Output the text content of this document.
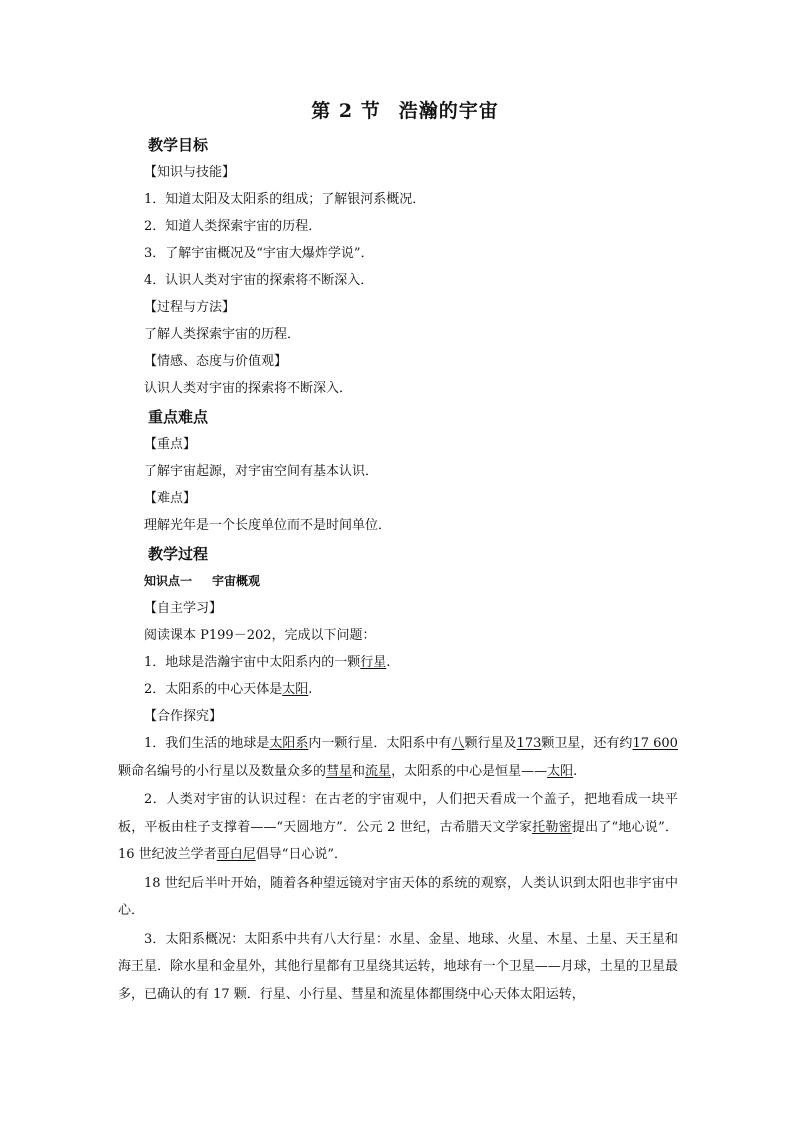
第 2 节 浩瀚的宇宙
教学目标
【知识与技能】
1．知道太阳及太阳系的组成；了解银河系概况．
2．知道人类探索宇宙的历程．
3．了解宇宙概况及“宇宙大爆炸学说”．
4．认识人类对宇宙的探索将不断深入．
【过程与方法】
了解人类探索宇宙的历程．
【情感、态度与价值观】
认识人类对宇宙的探索将不断深入．
重点难点
【重点】
了解宇宙起源，对宇宙空间有基本认识．
【难点】
理解光年是一个长度单位而不是时间单位．
教学过程
知识点一 宇宙概观
【自主学习】
阅读课本 P199－202，完成以下问题：
1．地球是浩瀚宇宙中太阳系内的一颗行星.
2．太阳系的中心天体是太阳.
【合作探究】

1．我们生活的地球是太阳系内一颗行星．太阳系中有八颗行星及173颗卫星，还有约17 600颗命名编号的小行星以及数量众多的彗星和流星，太阳系的中心是恒星——太阳.

2．人类对宇宙的认识过程：在古老的宇宙观中，人们把天看成一个盖子，把地看成一块平板，平板由柱子支撑着——“天圆地方”．公元 2 世纪，古希腊天文学家托勒密提出了“地心说”．16 世纪波兰学者哥白尼倡导“日心说”．

18 世纪后半叶开始，随着各种望远镜对宇宙天体的系统的观察，人类认识到太阳也非宇宙中心．

3．太阳系概况：太阳系中共有八大行星：水星、金星、地球、火星、木星、土星、天王星和海王星．除水星和金星外，其他行星都有卫星绕其运转，地球有一个卫星——月球，土星的卫星最多，已确认的有 17 颗．行星、小行星、彗星和流星体都围绕中心天体太阳运转，
